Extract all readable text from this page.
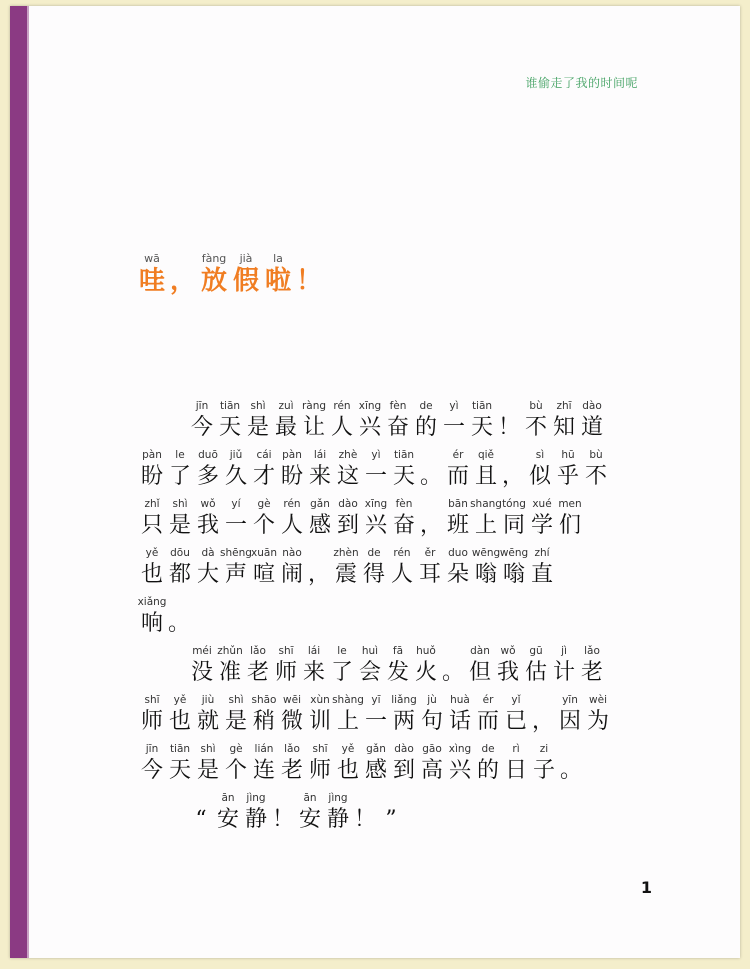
谁偷走了我的时间呢
wā
哇 ，
fàng
放
jià
假
la
啦 ！
jīn
今
tiān
天
shì
是
zuì
最
ràng
让
rén
人
xīng
兴
fèn
奋
de
的
yì
一
tiān
天 ！
bù
不
zhī
知
dào
道
pàn
盼
le
了
duō
多
jiǔ
久
cái
才
pàn
盼
lái
来
zhè
这
yì
一
tiān
天 。
ér
而
qiě
且 ，
sì
似
hū
乎
bù
不
zhǐ
只
shì
是
wǒ
我
yí
一
gè
个
rén
人
gǎn
感
dào
到
xīng
兴
fèn
奋 ，
bān
班
shang
上
tóng
同
xué
学
men
们
yě
也
dōu
都
dà
大
shēng
声
xuān
喧
nào
闹 ，
zhèn
震
de
得
rén
人
ěr
耳
duo
朵
wēng
嗡
wēng
嗡
zhí
直
xiǎng
响 。
méi
没
zhǔn
准
lǎo
老
shī
师
lái
来
le
了
huì
会
fā
发
huǒ
火 。
dàn
但
wǒ
我
gū
估
jì
计
lǎo
老
shī
师
yě
也
jiù
就
shì
是
shāo
稍
wēi
微
xùn
训
shàng
上
yī
一
liǎng
两
jù
句
huà
话
ér
而
yǐ
已 ，
yīn
因
wèi
为
jīn
今
tiān
天
shì
是
gè
个
lián
连
lǎo
老
shī
师
yě
也
gǎn
感
dào
到
gāo
高
xìng
兴
de
的
rì
日
zi
子 。
“
ān
安
jìng
静 ！
ān
安
jìng
静 ！ ”
1
